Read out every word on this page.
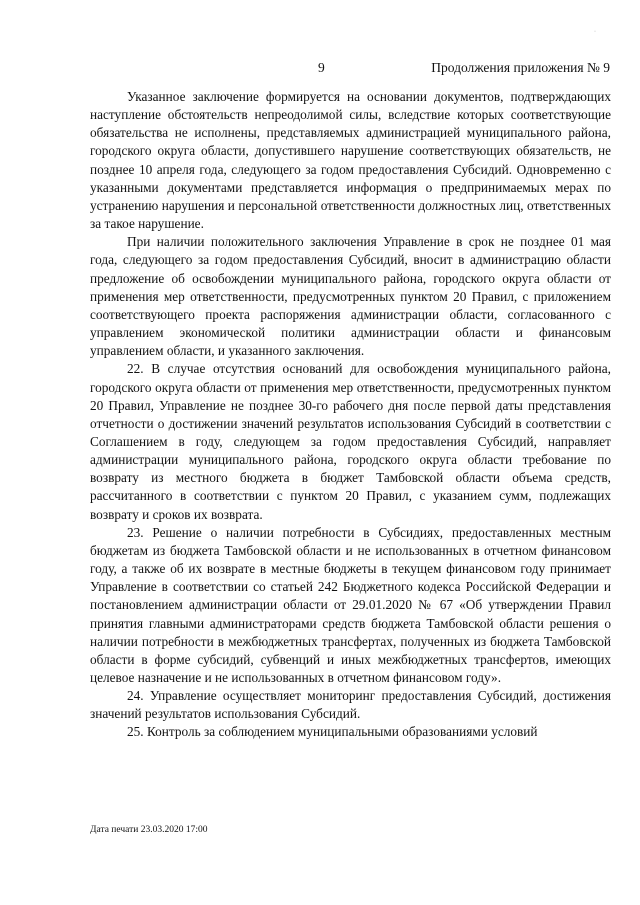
·
9	Продолжения приложения № 9

Указанное заключение формируется на основании документов, подтверждающих наступление обстоятельств непреодолимой силы, вследствие которых соответствующие обязательства не исполнены, представляемых администрацией муниципального района, городского округа области, допустившего нарушение соответствующих обязательств, не позднее 10 апреля года, следующего за годом предоставления Субсидий. Одновременно с указанными документами представляется информация о предпринимаемых мерах по устранению нарушения и персональной ответственности должностных лиц, ответственных за такое нарушение.

При наличии положительного заключения Управление в срок не позднее 01 мая года, следующего за годом предоставления Субсидий, вносит в администрацию области предложение об освобождении муниципального района, городского округа области от применения мер ответственности, предусмотренных пунктом 20 Правил, с приложением соответствующего проекта распоряжения администрации области, согласованного с управлением экономической политики администрации области и финансовым управлением области, и указанного заключения.

22. В случае отсутствия оснований для освобождения муниципального района, городского округа области от применения мер ответственности, предусмотренных пунктом 20 Правил, Управление не позднее 30-го рабочего дня после первой даты представления отчетности о достижении значений результатов использования Субсидий в соответствии с Соглашением в году, следующем за годом предоставления Субсидий, направляет администрации муниципального района, городского округа области требование по возврату из местного бюджета в бюджет Тамбовской области объема средств, рассчитанного в соответствии с пунктом 20 Правил, с указанием сумм, подлежащих возврату и сроков их возврата.

23. Решение о наличии потребности в Субсидиях, предоставленных местным бюджетам из бюджета Тамбовской области и не использованных в отчетном финансовом году, а также об их возврате в местные бюджеты в текущем финансовом году принимает Управление в соответствии со статьей 242 Бюджетного кодекса Российской Федерации и постановлением администрации области от 29.01.2020 № 67 «Об утверждении Правил принятия главными администраторами средств бюджета Тамбовской области решения о наличии потребности в межбюджетных трансфертах, полученных из бюджета Тамбовской области в форме субсидий, субвенций и иных межбюджетных трансфертов, имеющих целевое назначение и не использованных в отчетном финансовом году».

24. Управление осуществляет мониторинг предоставления Субсидий, достижения значений результатов использования Субсидий.

25. Контроль за соблюдением муниципальными образованиями условий

Дата печати 23.03.2020 17:00
